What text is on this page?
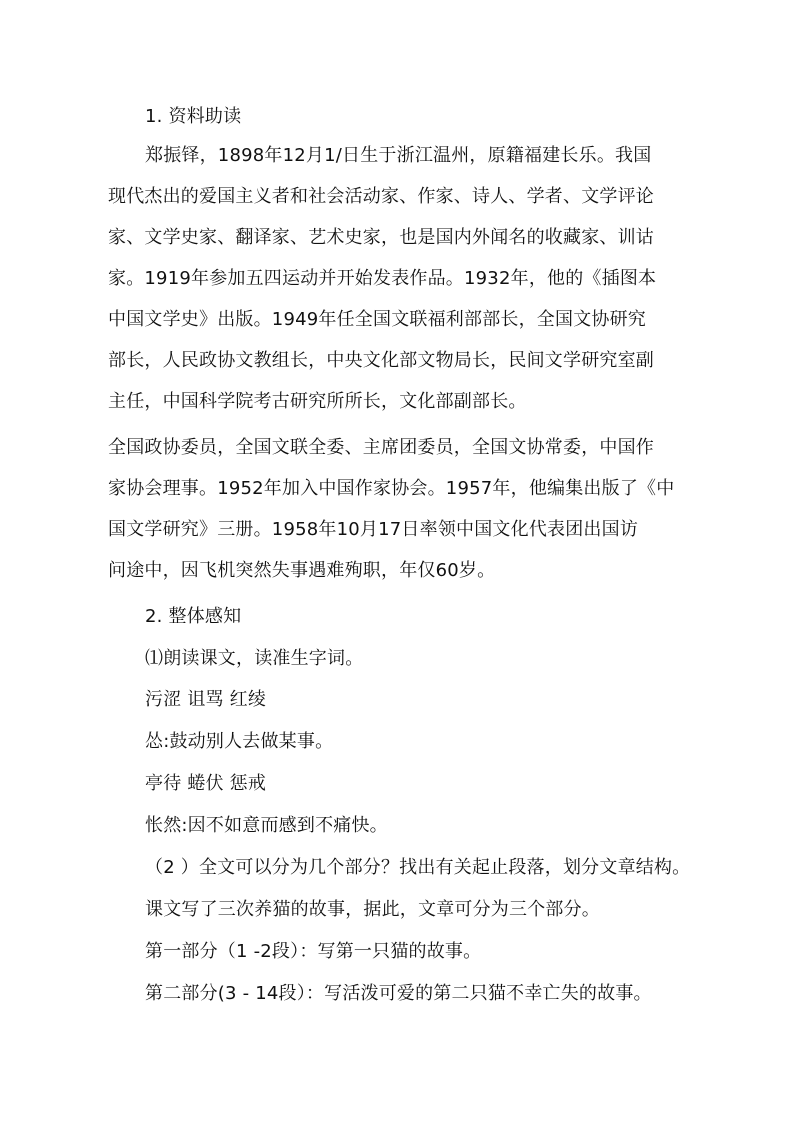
1. 资料助读
郑振铎，1898年12月1/日生于浙江温州，原籍福建长乐。我国
现代杰出的爱国主义者和社会活动家、作家、诗人、学者、文学评论
家、文学史家、翻译家、艺术史家，也是国内外闻名的收藏家、训诂
家。1919年参加五四运动并开始发表作品。1932年，他的《插图本
中国文学史》出版。1949年任全国文联福利部部长，全国文协研究
部长，人民政协文教组长，中央文化部文物局长，民间文学研究室副
主任，中国科学院考古研究所所长，文化部副部长。
全国政协委员，全国文联全委、主席团委员，全国文协常委，中国作
家协会理事。1952年加入中国作家协会。1957年，他编集出版了《中
国文学研究》三册。1958年10月17日率领中国文化代表团出国访
问途中，因飞机突然失事遇难殉职，年仅60岁。
2. 整体感知
⑴朗读课文，读准生字词。
污涩 诅骂 红绫
怂:鼓动别人去做某事。
亭待 蜷伏 惩戒
怅然:因不如意而感到不痛快。
（2 ）全文可以分为几个部分？找出有关起止段落，划分文章结构。
课文写了三次养猫的故事，据此，文章可分为三个部分。
第一部分（1 -2段）：写第一只猫的故事。
第二部分(3 - 14段）：写活泼可爱的第二只猫不幸亡失的故事。
